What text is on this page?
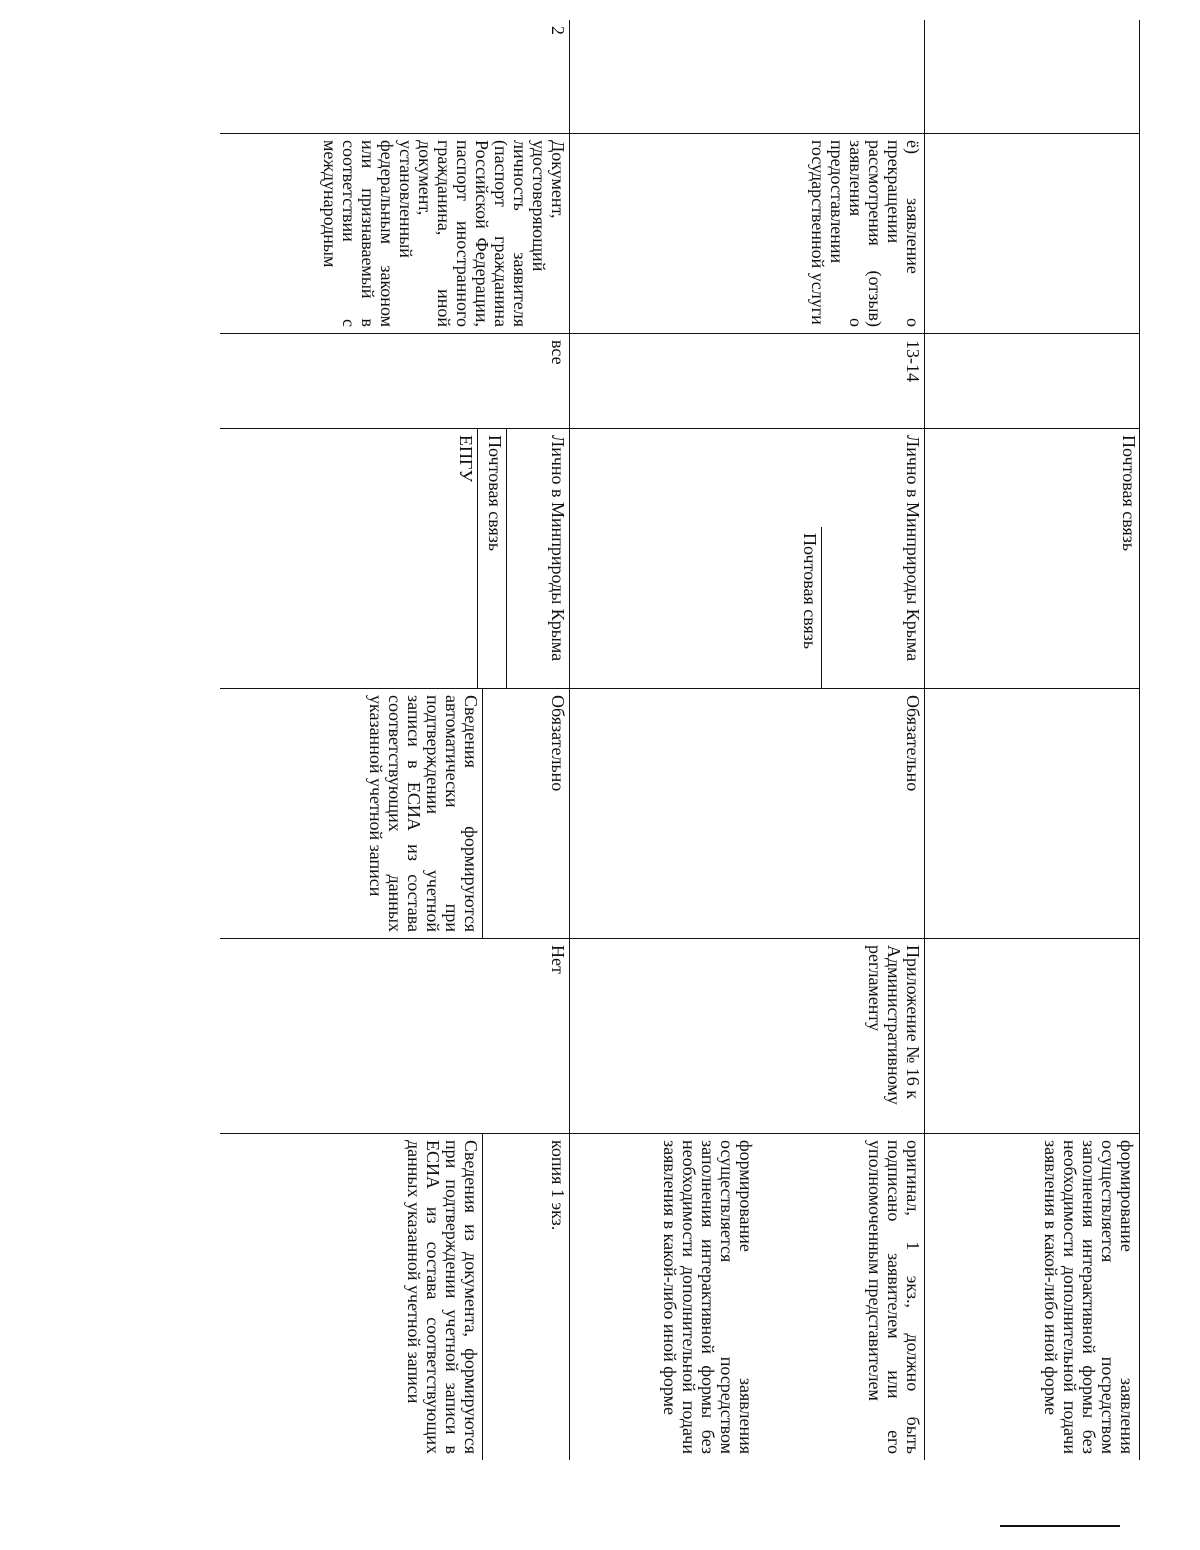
Почтовая связь
формирование заявления осуществляется посредством заполнения интерактивной формы без необходимости дополнительной подачи заявления в какой-либо иной форме
ё) заявление о прекращении рассмотрения (отзыв) заявления о предоставлении государственной услуги
13-14
Лично в Минприроды Крыма
Почтовая связь
Обязательно
Приложение № 16 к Административному регламенту
оригинал, 1 экз., должно быть подписано заявителем или его уполномоченным представителем
формирование заявления осуществляется посредством заполнения интерактивной формы без необходимости дополнительной подачи заявления в какой-либо иной форме
2
Документ, удостоверяющий личность заявителя (паспорт гражданина Российской Федерации, паспорт иностранного гражданина, иной документ, установленный федеральным законом или признаваемый в соответствии с международным
все
Лично в Минприроды Крыма
Почтовая связь
ЕПГУ
Обязательно
Сведения формируются автоматически при подтверждении учетной записи в ЕСИА из состава соответствующих данных указанной учетной записи
Нет
копия 1 экз.
Сведения из документа, формируются при подтверждении учетной записи в ЕСИА из состава соответствующих данных указанной учетной записи
